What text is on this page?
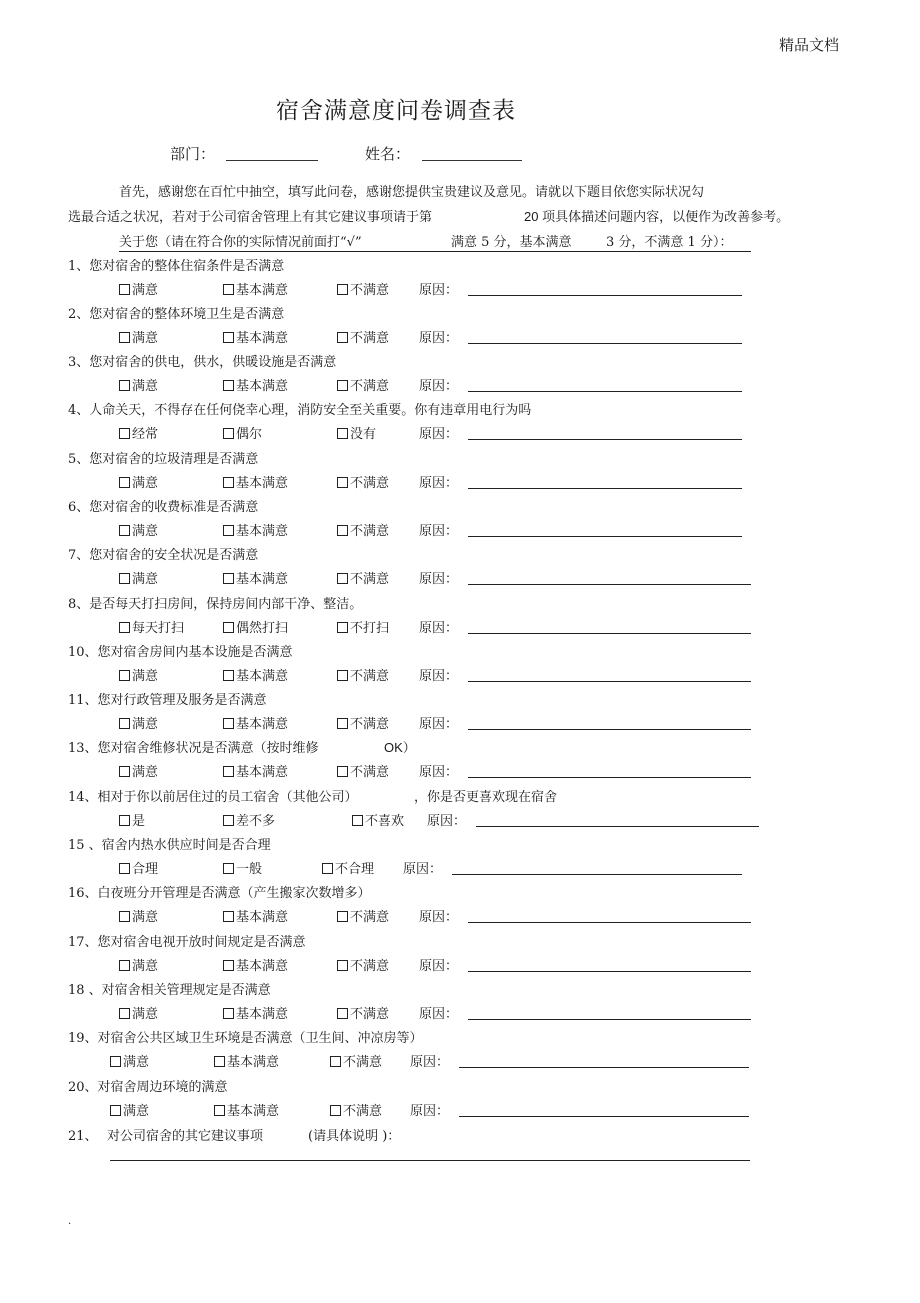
精品文档
宿舍满意度问卷调查表
部门：	姓名：
首先，感谢您在百忙中抽空，填写此问卷，感谢您提供宝贵建议及意见。请就以下题目依您实际状况勾
选最合适之状况，若对于公司宿舍管理上有其它建议事项请于第	20 项具体描述问题内容，以便作为改善参考。
关于您（请在符合你的实际情况前面打“√”	满意 5 分，基本满意	3 分，不满意 1 分）：
1、您对宿舍的整体住宿条件是否满意
满意	基本满意	不满意 原因：
2、您对宿舍的整体环境卫生是否满意
满意	基本满意	不满意 原因：
3、您对宿舍的供电，供水，供暖设施是否满意
满意	基本满意	不满意 原因：
4、人命关天，不得存在任何侥幸心理，消防安全至关重要。你有违章用电行为吗
经常	偶尔	没有	原因：
5、您对宿舍的垃圾清理是否满意
满意	基本满意	不满意 原因：
6、您对宿舍的收费标准是否满意
满意	基本满意	不满意 原因：
7、您对宿舍的安全状况是否满意
满意	基本满意	不满意 原因：
8、是否每天打扫房间，保持房间内部干净、整洁。
每天打扫	偶然打扫	不打扫 原因：
10、您对宿舍房间内基本设施是否满意
满意	基本满意	不满意 原因：
11、您对行政管理及服务是否满意
满意	基本满意	不满意 原因：
13、您对宿舍维修状况是否满意（按时维修	OK）
满意	基本满意	不满意 原因：
14、相对于你以前居住过的员工宿舍（其他公司）	，你是否更喜欢现在宿舍
是	差不多	不喜欢 原因：
15 、宿舍内热水供应时间是否合理
合理	一般	不合理 原因：
16、白夜班分开管理是否满意（产生搬家次数增多）
满意	基本满意	不满意 原因：
17、您对宿舍电视开放时间规定是否满意
满意	基本满意	不满意 原因：
18 、对宿舍相关管理规定是否满意
满意	基本满意	不满意 原因：
19、对宿舍公共区域卫生环境是否满意（卫生间、冲凉房等）
满意	基本满意	不满意 原因：
20、对宿舍周边环境的满意
满意	基本满意	不满意 原因：
21、 对公司宿舍的其它建议事项	(请具体说明 )：
.
